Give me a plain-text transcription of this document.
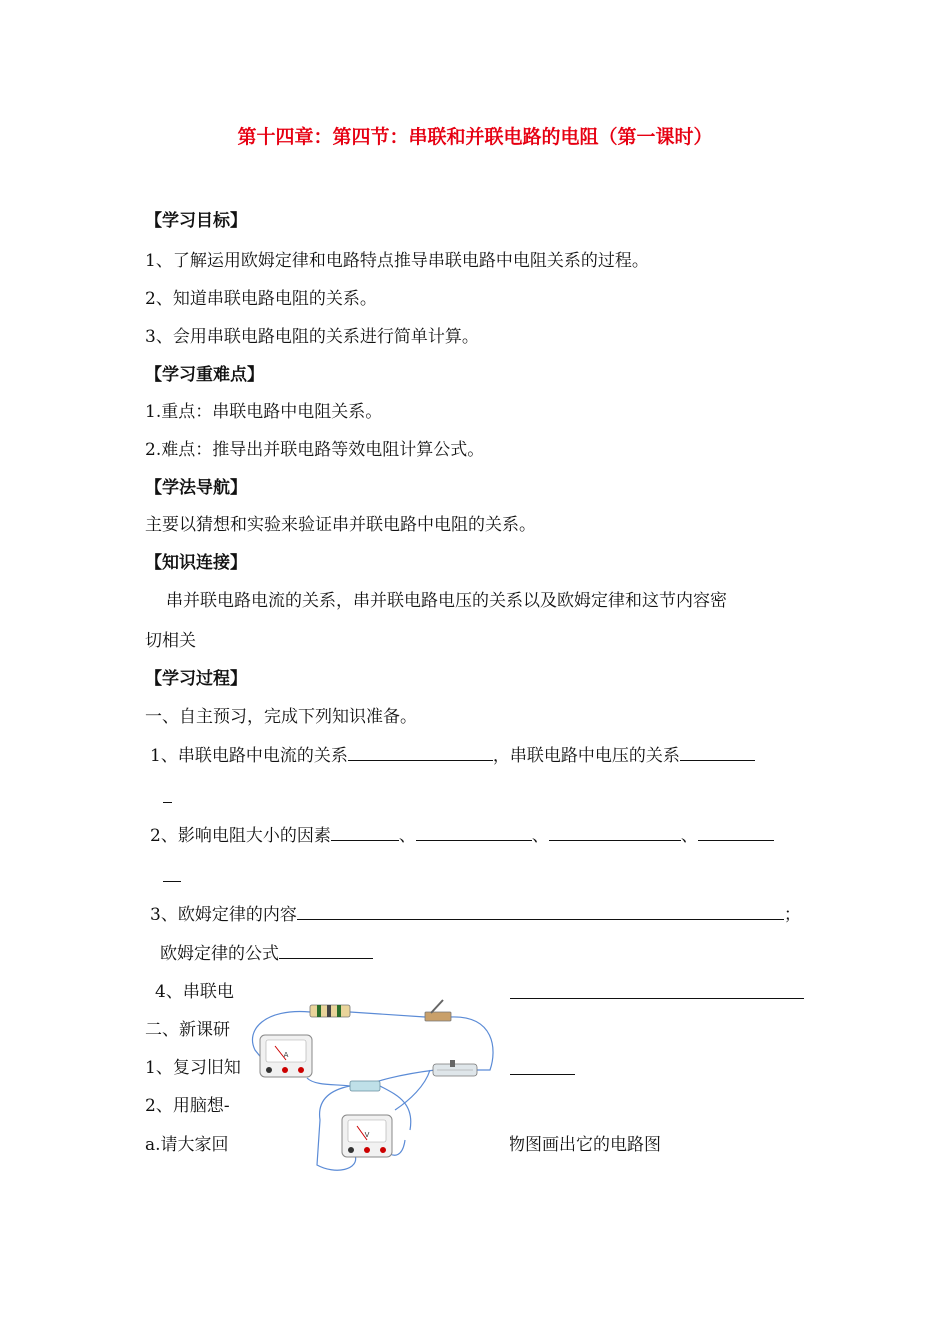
第十四章：第四节：串联和并联电路的电阻（第一课时）
【学习目标】
1、了解运用欧姆定律和电路特点推导串联电路中电阻关系的过程。
2、知道串联电路电阻的关系。
3、会用串联电路电阻的关系进行简单计算。
【学习重难点】
1.重点：串联电路中电阻关系。
2.难点：推导出并联电路等效电阻计算公式。
【学法导航】
主要以猜想和实验来验证串并联电路中电阻的关系。
【知识连接】
串并联电路电流的关系，串并联电路电压的关系以及欧姆定律和这节内容密
切相关
【学习过程】
一、自主预习，完成下列知识准备。
1、串联电路中电流的关系	，串联电路中电压的关系
2、影响电阻大小的因素	、	、	、
3、欧姆定律的内容	；
欧姆定律的公式
4、串联电
二、新课研
1、复习旧知
2、用脑想-
a.请大家回	物图画出它的电路图
A
V
